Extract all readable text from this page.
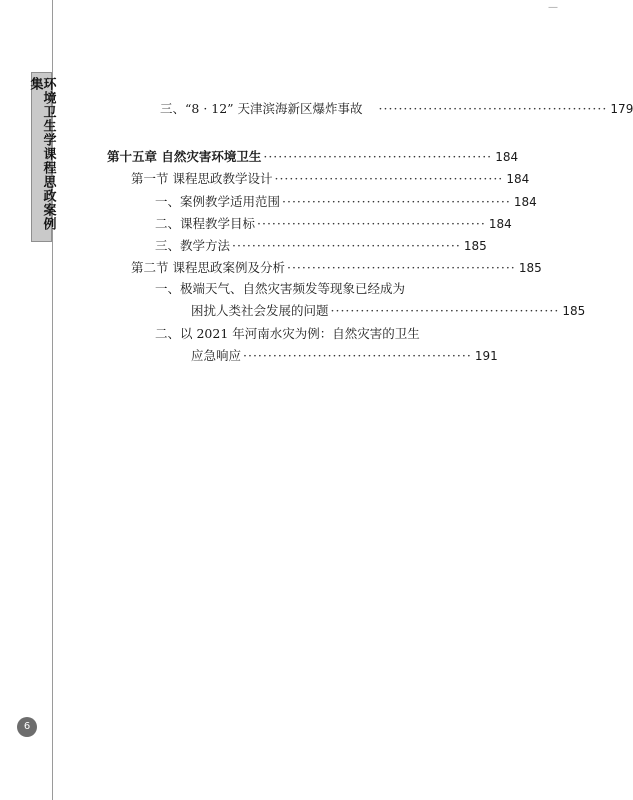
—
环境卫生学课程思政案例集
6
三、“8 · 12” 天津滨海新区爆炸事故 ·············································· 179
第十五章 自然灾害环境卫生 ·············································· 184
第一节 课程思政教学设计 ·············································· 184
一、案例教学适用范围 ·············································· 184
二、课程教学目标 ·············································· 184
三、教学方法 ·············································· 185
第二节 课程思政案例及分析 ·············································· 185
一、极端天气、自然灾害频发等现象已经成为
困扰人类社会发展的问题 ·············································· 185
二、以 2021 年河南水灾为例：自然灾害的卫生
应急响应 ·············································· 191
